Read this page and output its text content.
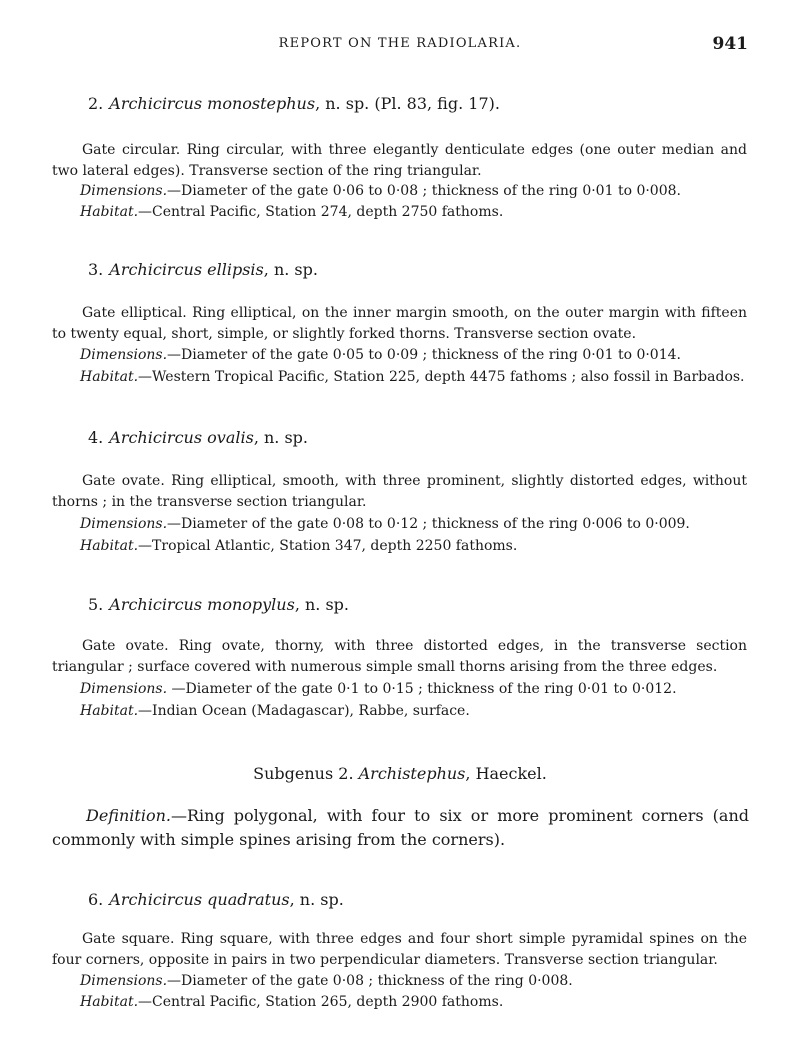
REPORT ON THE RADIOLARIA.	941
2. Archicircus monostephus, n. sp. (Pl. 83, fig. 17).
Gate circular. Ring circular, with three elegantly denticulate edges (one outer median and two lateral edges). Transverse section of the ring triangular.
Dimensions.—Diameter of the gate 0·06 to 0·08 ; thickness of the ring 0·01 to 0·008.
Habitat.—Central Pacific, Station 274, depth 2750 fathoms.
3. Archicircus ellipsis, n. sp.
Gate elliptical. Ring elliptical, on the inner margin smooth, on the outer margin with fifteen to twenty equal, short, simple, or slightly forked thorns. Transverse section ovate.
Dimensions.—Diameter of the gate 0·05 to 0·09 ; thickness of the ring 0·01 to 0·014.
Habitat.—Western Tropical Pacific, Station 225, depth 4475 fathoms ; also fossil in Barbados.
4. Archicircus ovalis, n. sp.
Gate ovate. Ring elliptical, smooth, with three prominent, slightly distorted edges, without thorns ; in the transverse section triangular.
Dimensions.—Diameter of the gate 0·08 to 0·12 ; thickness of the ring 0·006 to 0·009.
Habitat.—Tropical Atlantic, Station 347, depth 2250 fathoms.
5. Archicircus monopylus, n. sp.
Gate ovate. Ring ovate, thorny, with three distorted edges, in the transverse section triangular ; surface covered with numerous simple small thorns arising from the three edges.
Dimensions. —Diameter of the gate 0·1 to 0·15 ; thickness of the ring 0·01 to 0·012.
Habitat.—Indian Ocean (Madagascar), Rabbe, surface.
Subgenus 2. Archistephus, Haeckel.
Definition.—Ring polygonal, with four to six or more prominent corners (and commonly with simple spines arising from the corners).
6. Archicircus quadratus, n. sp.
Gate square. Ring square, with three edges and four short simple pyramidal spines on the four corners, opposite in pairs in two perpendicular diameters. Transverse section triangular.
Dimensions.—Diameter of the gate 0·08 ; thickness of the ring 0·008.
Habitat.—Central Pacific, Station 265, depth 2900 fathoms.
